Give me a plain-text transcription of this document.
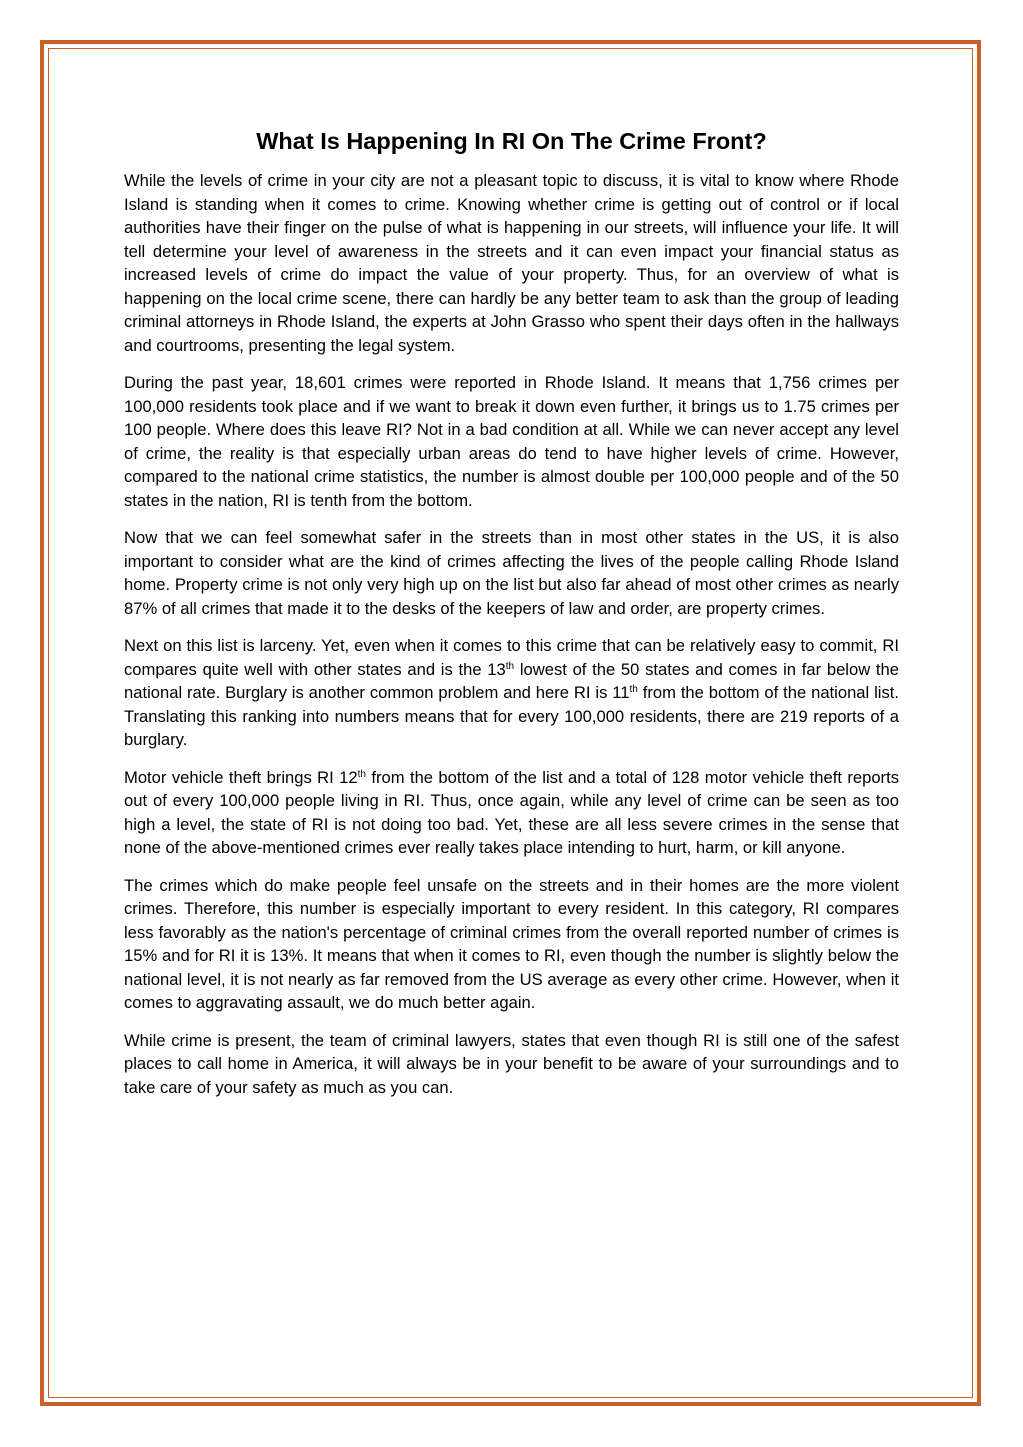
What Is Happening In RI On The Crime Front?

While the levels of crime in your city are not a pleasant topic to discuss, it is vital to know where Rhode Island is standing when it comes to crime. Knowing whether crime is getting out of control or if local authorities have their finger on the pulse of what is happening in our streets, will influence your life. It will tell determine your level of awareness in the streets and it can even impact your financial status as increased levels of crime do impact the value of your property. Thus, for an overview of what is happening on the local crime scene, there can hardly be any better team to ask than the group of leading criminal attorneys in Rhode Island, the experts at John Grasso who spent their days often in the hallways and courtrooms, presenting the legal system.

During the past year, 18,601 crimes were reported in Rhode Island. It means that 1,756 crimes per 100,000 residents took place and if we want to break it down even further, it brings us to 1.75 crimes per 100 people. Where does this leave RI? Not in a bad condition at all. While we can never accept any level of crime, the reality is that especially urban areas do tend to have higher levels of crime. However, compared to the national crime statistics, the number is almost double per 100,000 people and of the 50 states in the nation, RI is tenth from the bottom.

Now that we can feel somewhat safer in the streets than in most other states in the US, it is also important to consider what are the kind of crimes affecting the lives of the people calling Rhode Island home. Property crime is not only very high up on the list but also far ahead of most other crimes as nearly 87% of all crimes that made it to the desks of the keepers of law and order, are property crimes.

Next on this list is larceny. Yet, even when it comes to this crime that can be relatively easy to commit, RI compares quite well with other states and is the 13th lowest of the 50 states and comes in far below the national rate. Burglary is another common problem and here RI is 11th from the bottom of the national list. Translating this ranking into numbers means that for every 100,000 residents, there are 219 reports of a burglary.

Motor vehicle theft brings RI 12th from the bottom of the list and a total of 128 motor vehicle theft reports out of every 100,000 people living in RI. Thus, once again, while any level of crime can be seen as too high a level, the state of RI is not doing too bad. Yet, these are all less severe crimes in the sense that none of the above-mentioned crimes ever really takes place intending to hurt, harm, or kill anyone.

The crimes which do make people feel unsafe on the streets and in their homes are the more violent crimes. Therefore, this number is especially important to every resident. In this category, RI compares less favorably as the nation's percentage of criminal crimes from the overall reported number of crimes is 15% and for RI it is 13%. It means that when it comes to RI, even though the number is slightly below the national level, it is not nearly as far removed from the US average as every other crime. However, when it comes to aggravating assault, we do much better again.

While crime is present, the team of criminal lawyers, states that even though RI is still one of the safest places to call home in America, it will always be in your benefit to be aware of your surroundings and to take care of your safety as much as you can.
